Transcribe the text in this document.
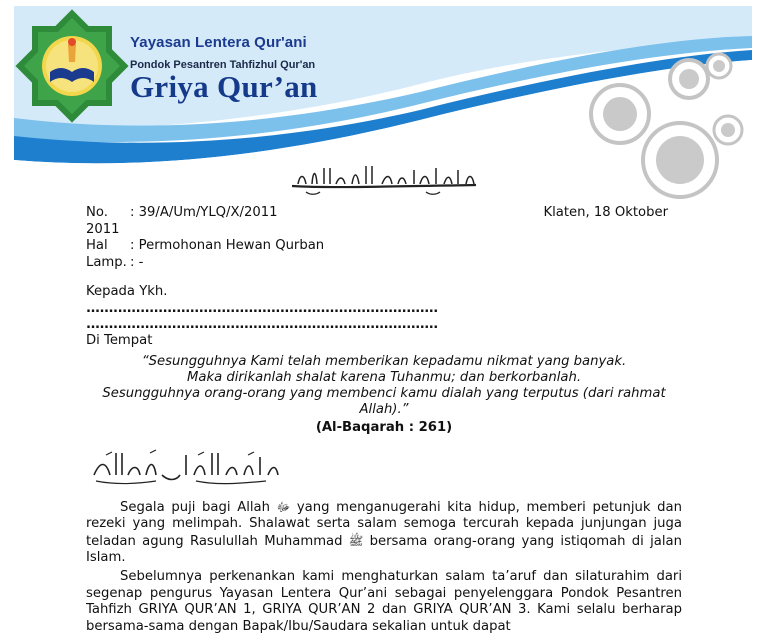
Yayasan Lentera Qur'ani
Pondok Pesantren Tahfizhul Qur'an
Griya Qur’an
No. : 39/A/Um/YLQ/X/2011	Klaten, 18 Oktober
2011
Hal : Permohonan Hewan Qurban
Lamp. : -
Kepada Ykh.
..............................................................................
..............................................................................
Di Tempat
“Sesungguhnya Kami telah memberikan kepadamu nikmat yang banyak.
Maka dirikanlah shalat karena Tuhanmu; dan berkorbanlah.
Sesungguhnya orang-orang yang membenci kamu dialah yang terputus (dari rahmat
Allah).”
(Al-Baqarah : 261)

Segala puji bagi Allah ﷻ yang menganugerahi kita hidup, memberi petunjuk dan rezeki yang melimpah. Shalawat serta salam semoga tercurah kepada junjungan juga teladan agung Rasulullah Muhammad ﷺ bersama orang-orang yang istiqomah di jalan Islam.

Sebelumnya perkenankan kami menghaturkan salam ta’aruf dan silaturahim dari segenap pengurus Yayasan Lentera Qur’ani sebagai penyelenggara Pondok Pesantren Tahfizh GRIYA QUR’AN 1, GRIYA QUR’AN 2 dan GRIYA QUR’AN 3. Kami selalu berharap bersama-sama dengan Bapak/Ibu/Saudara sekalian untuk dapat
